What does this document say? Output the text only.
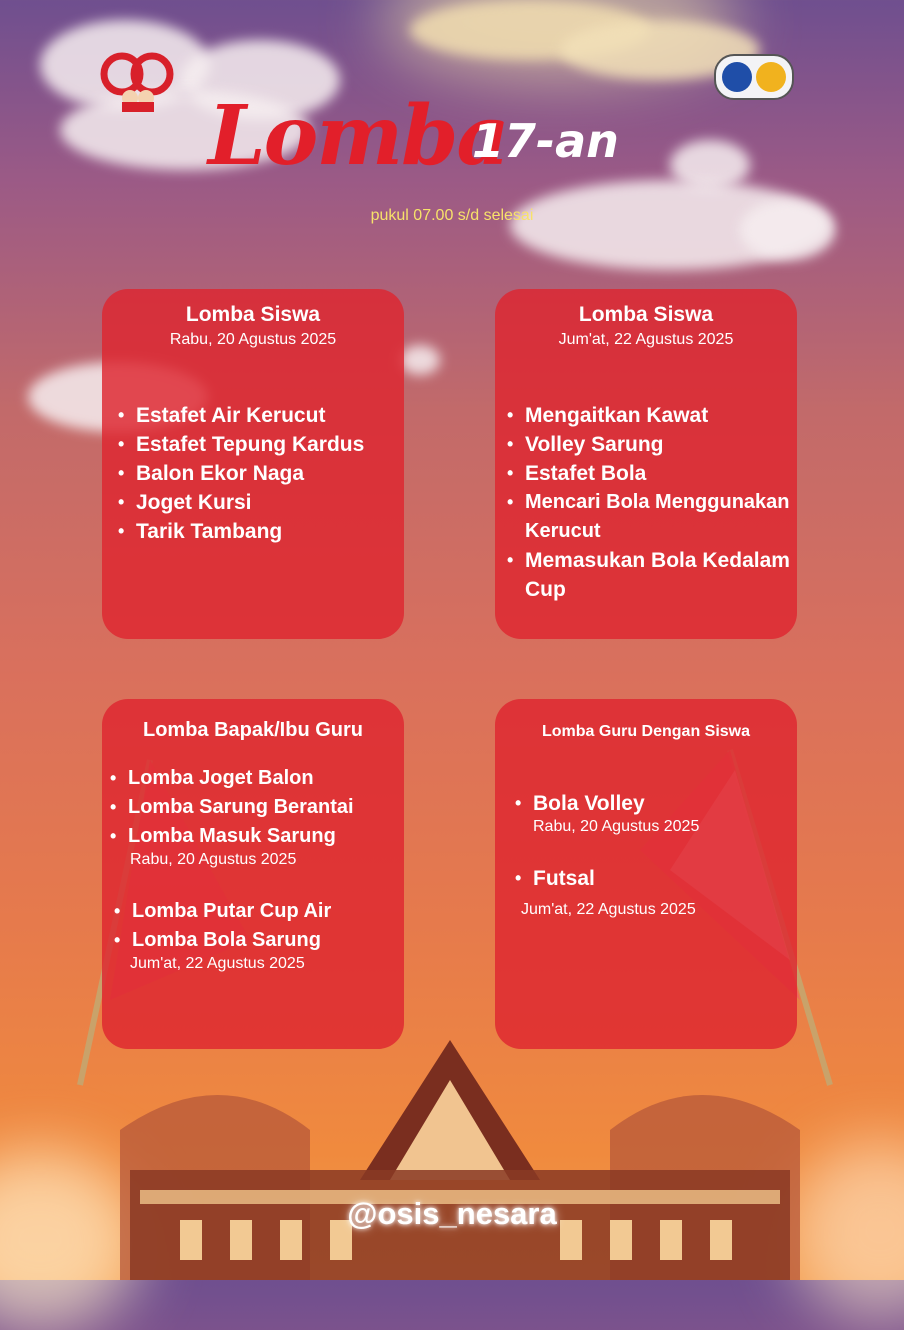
Lomba
17-an
pukul 07.00 s/d selesai
Lomba Siswa
Rabu, 20 Agustus 2025
• Estafet Air Kerucut
• Estafet Tepung Kardus
• Balon Ekor Naga
• Joget Kursi
• Tarik Tambang
Lomba Siswa
Jum'at, 22 Agustus 2025
• Mengaitkan Kawat
• Volley Sarung
• Estafet Bola
• Mencari Bola Menggunakan Kerucut
• Memasukan Bola Kedalam Cup
Lomba Bapak/Ibu Guru
• Lomba Joget Balon
• Lomba Sarung Berantai
• Lomba Masuk Sarung
Rabu, 20 Agustus 2025
• Lomba Putar Cup Air
• Lomba Bola Sarung
Jum'at, 22 Agustus 2025
Lomba Guru Dengan Siswa
• Bola Volley
Rabu, 20 Agustus 2025
• Futsal
Jum'at, 22 Agustus 2025
@osis_nesara
